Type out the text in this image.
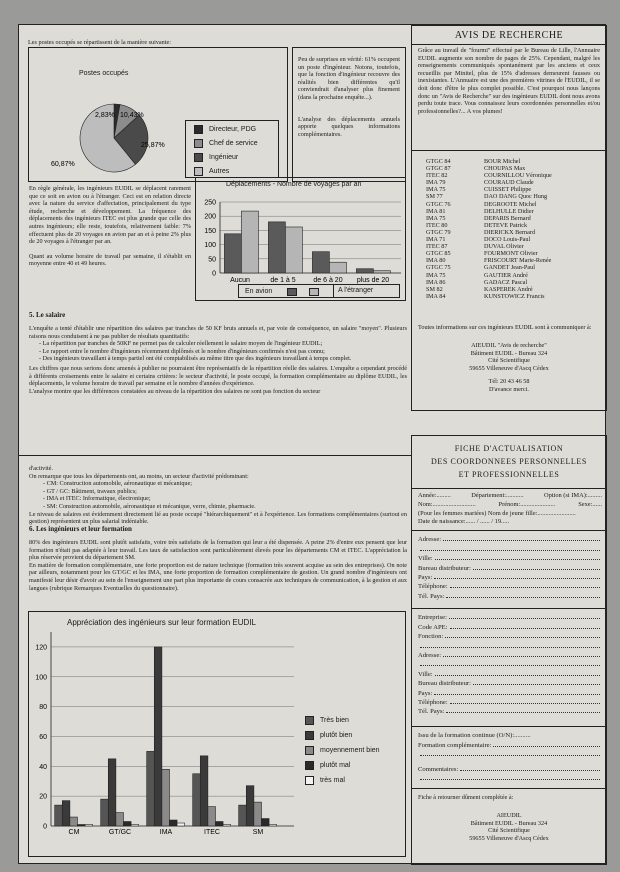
Les postes occupés se répartissent de la manière suivante:
Postes occupés
2,83% 10,43%
25,87%
60,87%
Directeur, PDG
Chef de service
Ingénieur
Autres

Peu de surprises en vérité: 61% occupent un poste d'ingénieur. Notons, toutefois, que la fonction d'ingénieur recouvre des réalités bien différentes qu'il conviendrait d'analyser plus finement (dans la prochaine enquête...).

L'analyse des déplacements annuels apporte quelques informations complémentaires.

En règle générale, les ingénieurs EUDIL se déplacent rarement que ce soit en avion ou à l'étranger. Ceci est en relation directe avec la nature du service d'affectation, principalement du type étude, recherche et développement. La fréquence des déplacements des ingénieurs ITEC est plus grande que celle des autres ingénieurs; elle reste, toutefois, relativement faible: 7% effectuent plus de 20 voyages en avion par an et à peine 2% plus de 20 voyages à l'étranger par an.

Quant au volume horaire de travail par semaine, il s'établit en moyenne entre 40 et 49 heures.

Déplacements - Nombre de voyages par an
0
50
100
150
200
250
Aucun	de 1 à 5	de 6 à 20 plus de 20
En avion	A l'étranger
5. Le salaire

L'enquête a tenté d'établir une répartition des salaires par tranches de 50 KF bruts annuels et, par voie de conséquence, un salaire "moyen". Plusieurs raisons nous conduisent à ne pas publier de résultats quantitatifs:

- La répartition par tranches de 50KF ne permet pas de calculer réellement le salaire moyen de l'ingénieur EUDIL;

- Le rapport entre le nombre d'ingénieurs récemment diplômés et le nombre d'ingénieurs confirmés n'est pas connu;

- Des ingénieurs travaillant à temps partiel ont été comptabilisés au même titre que des ingénieurs travaillant à temps complet.

Les chiffres que nous serions donc amenés à publier ne pourraient être représentatifs de la répartition réelle des salaires. L'enquête a cependant procédé à différents croisements entre le salaire et certains critères: le secteur d'activité, le poste occupé, la formation complémentaire au diplôme EUDIL, les déplacements, le volume horaire de travail par semaine et le nombre d'années d'expérience.

L'analyse montre que les différences constatées au niveau de la répartition des salaires ne sont pas fonction du secteur

d'activité.

On remarque que tous les départements ont, au moins, un secteur d'activité prédominant:

- CM: Construction automobile, aéronautique et mécanique;

- GT / GC: Bâtiment, travaux publics;

- IMA et ITEC: Informatique, électronique;

- SM: Construction automobile, aéronautique et mécanique, verre, chimie, pharmacie.

Le niveau de salaires est évidemment directement lié au poste occupé "hiérarchiquement" et à l'expérience. Les formations complémentaires (surtout en gestion) représentent un plus salarial indéniable.

6. Les ingénieurs et leur formation

80% des ingénieurs EUDIL sont plutôt satisfaits, voire très satisfaits de la formation qui leur a été dispensée. A peine 2% d'entre eux pensent que leur formation n'était pas adaptée à leur travail. Les taux de satisfaction sont particulièrement élevés pour les départements CM et ITEC. L'appréciation la plus réservée provient du département SM.

En matière de formation complémentaire, une forte proportion est de nature technique (formation très souvent acquise au sein des entreprises). On note par ailleurs, notamment pour les GT/GC et les IMA, une forte proportion de formation complémentaire de gestion. Un grand nombre d'ingénieurs ont manifesté leur désir d'avoir au sein de l'enseignement une part plus importante de cours consacrée aux techniques de communication, à la gestion et aux langues (rubrique Remarques Eventuelles du questionnaire).

Appréciation des ingénieurs sur leur formation EUDIL
0
20
40
60
80
100
120
CM	GT/GC	IMA	ITEC	SM
Très bien
plutôt bien
moyennement bien
plutôt mal
très mal
AVIS DE RECHERCHE

Grâce au travail de "fourmi" effectué par le Bureau de Lille, l'Annuaire EUDIL augmente son nombre de pages de 25%. Cependant, malgré les renseignements communiqués spontanément par les anciens et ceux recueillis par Minitel, plus de 15% d'adresses demeurent fausses ou inexistantes. L'Annuaire est une des premières vitrines de l'EUDIL, il se doit donc d'être le plus complet possible. C'est pourquoi nous lançons donc un "Avis de Recherche" sur des ingénieurs EUDIL dont nous avons perdu toute trace. Vous connaissez leurs coordonnées personnelles et/ou professionnelles?... A vos plumes!

GTGC 84	BOUR Michel
GTGC 87	CHOUPAS Max
ITEC 82	COURNILLOU Véronique
IMA 79	COURAUD Claude
IMA 75	CUISSET Philippe
SM 77	DAO DANG Quoc Hung
GTGC 76	DEGROOTE Michel
IMA 81	DELHULLE Didier
IMA 75	DEPARIS Bernard
ITEC 80	DETEVE Patrick
GTGC 79	DIERICKX Bernard
IMA 71	DOCO Louis-Paul
ITEC 87	DUVAL Olivier
GTGC 85	FOURMONT Olivier
IMA 80	FRISCOURT Marie-Renée
GTGC 75	GANDET Jean-Paul
IMA 75	GAUTIER André
IMA 86	GADACZ Pascal
SM 82	KASPEREK André
IMA 84	KUNSTOWICZ Francis

Toutes informations sur ces ingénieurs EUDIL sont à communiquer à:

AIEUDIL "Avis de recherche"
Bâtiment EUDIL - Bureau 324
Cité Scientifique
59655 Villeneuve d'Ascq Cédex
Tél: 20 43 46 58
D'avance merci.
FICHE D'ACTUALISATION
DES COORDONNEES PERSONNELLES
ET PROFESSIONNELLES
Année:.........	Département:...........	Option (si IMA):.........
Nom:...........................	Prénom:......................	Sexe:......
(Pour les femmes mariées) Nom de jeune fille:........................
Date de naissance:...... / ...... / 19.....
Adresse:
Ville:
Bureau distributeur:
Pays:
Téléphone:
Tél. Pays:
Entreprise:
Code APE:
Fonction:
Adresse:
Ville:
Bureau distributeur:
Pays:
Téléphone:
Tél. Pays:
Issu de la formation continue (O/N):..........
Formation complémentaire:
Commentaires:
Fiche à retourner dûment complétée à:
AIEUDIL
Bâtiment EUDIL - Bureau 324
Cité Scientifique
59655 Villeneuve d'Ascq Cédex
